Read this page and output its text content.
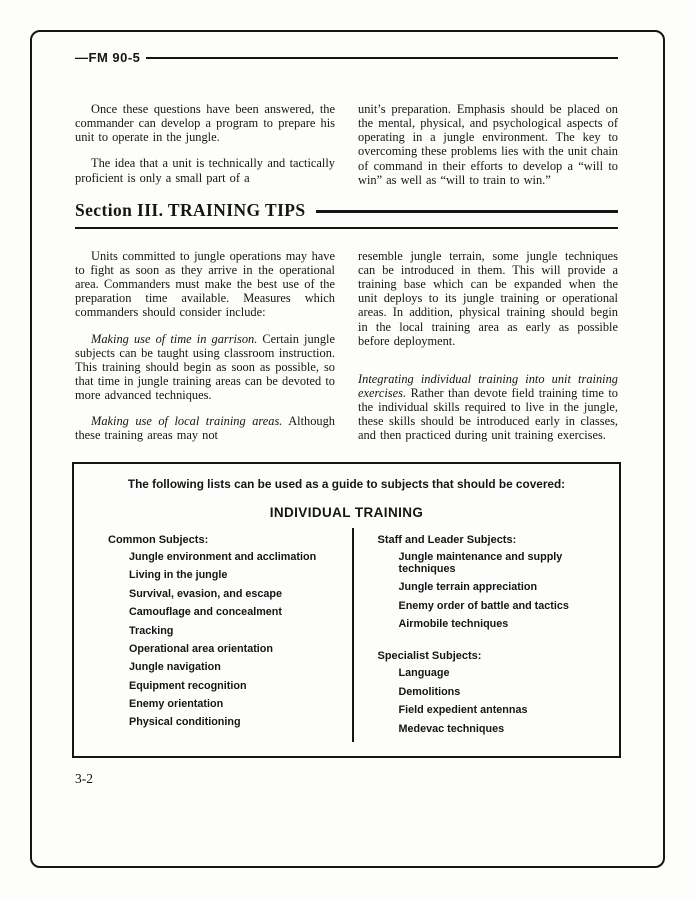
—FM 90-5

Once these questions have been answered, the commander can develop a program to prepare his unit to operate in the jungle.

The idea that a unit is technically and tactically proficient is only a small part of a

unit’s preparation. Emphasis should be placed on the mental, physical, and psychological aspects of operating in a jungle environment. The key to overcoming these problems lies with the unit chain of command in their efforts to develop a “will to win” as well as “will to train to win.”

Section III. TRAINING TIPS

Units committed to jungle operations may have to fight as soon as they arrive in the operational area. Commanders must make the best use of the preparation time available. Measures which commanders should consider include:

Making use of time in garrison. Certain jungle subjects can be taught using classroom instruction. This training should begin as soon as possible, so that time in jungle training areas can be devoted to more advanced techniques.

Making use of local training areas. Although these training areas may not

resemble jungle terrain, some jungle techniques can be introduced in them. This will provide a training base which can be expanded when the unit deploys to its jungle training or operational areas. In addition, physical training should begin in the local training area as early as possible before deployment.

Integrating individual training into unit training exercises. Rather than devote field training time to the individual skills required to live in the jungle, these skills should be introduced early in classes, and then practiced during unit training exercises.

The following lists can be used as a guide to subjects that should be covered:

INDIVIDUAL TRAINING

Common Subjects:

Jungle environment and acclimation
Living in the jungle
Survival, evasion, and escape
Camouflage and concealment
Tracking
Operational area orientation
Jungle navigation
Equipment recognition
Enemy orientation
Physical conditioning

Staff and Leader Subjects:

Jungle maintenance and supply techniques
Jungle terrain appreciation
Enemy order of battle and tactics
Airmobile techniques

Specialist Subjects:

Language
Demolitions
Field expedient antennas
Medevac techniques
3-2
